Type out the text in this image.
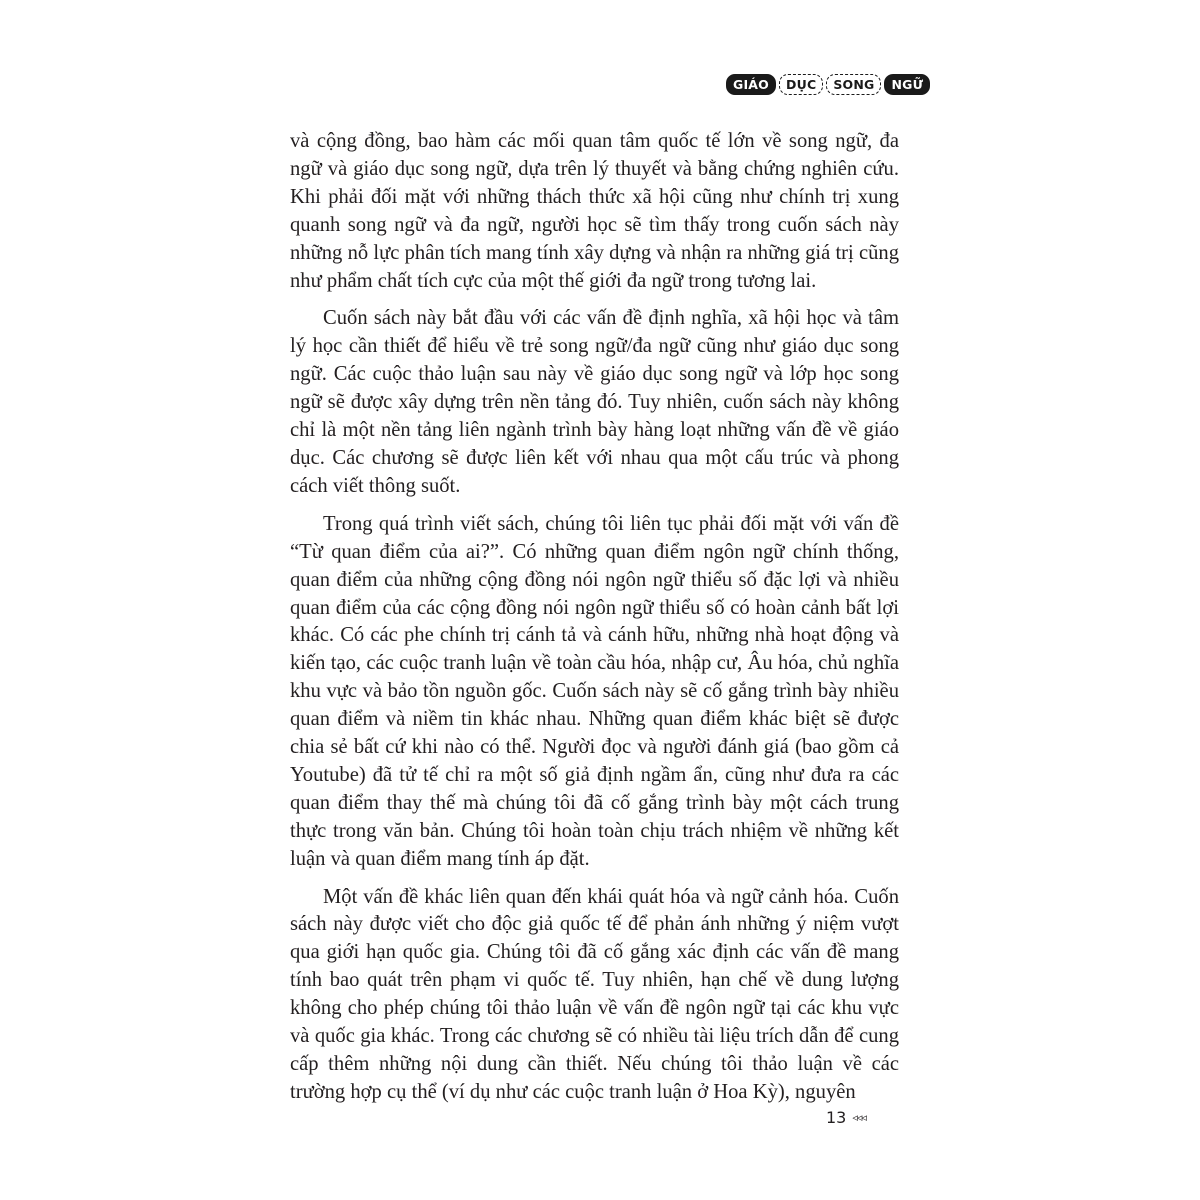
GIÁO	DỤC	SONG	NGỮ

và cộng đồng, bao hàm các mối quan tâm quốc tế lớn về song ngữ, đa ngữ và giáo dục song ngữ, dựa trên lý thuyết và bằng chứng nghiên cứu. Khi phải đối mặt với những thách thức xã hội cũng như chính trị xung quanh song ngữ và đa ngữ, người học sẽ tìm thấy trong cuốn sách này những nỗ lực phân tích mang tính xây dựng và nhận ra những giá trị cũng như phẩm chất tích cực của một thế giới đa ngữ trong tương lai.

Cuốn sách này bắt đầu với các vấn đề định nghĩa, xã hội học và tâm lý học cần thiết để hiểu về trẻ song ngữ/đa ngữ cũng như giáo dục song ngữ. Các cuộc thảo luận sau này về giáo dục song ngữ và lớp học song ngữ sẽ được xây dựng trên nền tảng đó. Tuy nhiên, cuốn sách này không chỉ là một nền tảng liên ngành trình bày hàng loạt những vấn đề về giáo dục. Các chương sẽ được liên kết với nhau qua một cấu trúc và phong cách viết thông suốt.

Trong quá trình viết sách, chúng tôi liên tục phải đối mặt với vấn đề “Từ quan điểm của ai?”. Có những quan điểm ngôn ngữ chính thống, quan điểm của những cộng đồng nói ngôn ngữ thiểu số đặc lợi và nhiều quan điểm của các cộng đồng nói ngôn ngữ thiểu số có hoàn cảnh bất lợi khác. Có các phe chính trị cánh tả và cánh hữu, những nhà hoạt động và kiến tạo, các cuộc tranh luận về toàn cầu hóa, nhập cư, Âu hóa, chủ nghĩa khu vực và bảo tồn nguồn gốc. Cuốn sách này sẽ cố gắng trình bày nhiều quan điểm và niềm tin khác nhau. Những quan điểm khác biệt sẽ được chia sẻ bất cứ khi nào có thể. Người đọc và người đánh giá (bao gồm cả Youtube) đã tử tế chỉ ra một số giả định ngầm ẩn, cũng như đưa ra các quan điểm thay thế mà chúng tôi đã cố gắng trình bày một cách trung thực trong văn bản. Chúng tôi hoàn toàn chịu trách nhiệm về những kết luận và quan điểm mang tính áp đặt.

Một vấn đề khác liên quan đến khái quát hóa và ngữ cảnh hóa. Cuốn sách này được viết cho độc giả quốc tế để phản ánh những ý niệm vượt qua giới hạn quốc gia. Chúng tôi đã cố gắng xác định các vấn đề mang tính bao quát trên phạm vi quốc tế. Tuy nhiên, hạn chế về dung lượng không cho phép chúng tôi thảo luận về vấn đề ngôn ngữ tại các khu vực và quốc gia khác. Trong các chương sẽ có nhiều tài liệu trích dẫn để cung cấp thêm những nội dung cần thiết. Nếu chúng tôi thảo luận về các trường hợp cụ thể (ví dụ như các cuộc tranh luận ở Hoa Kỳ), nguyên

13 ◃◃◃
